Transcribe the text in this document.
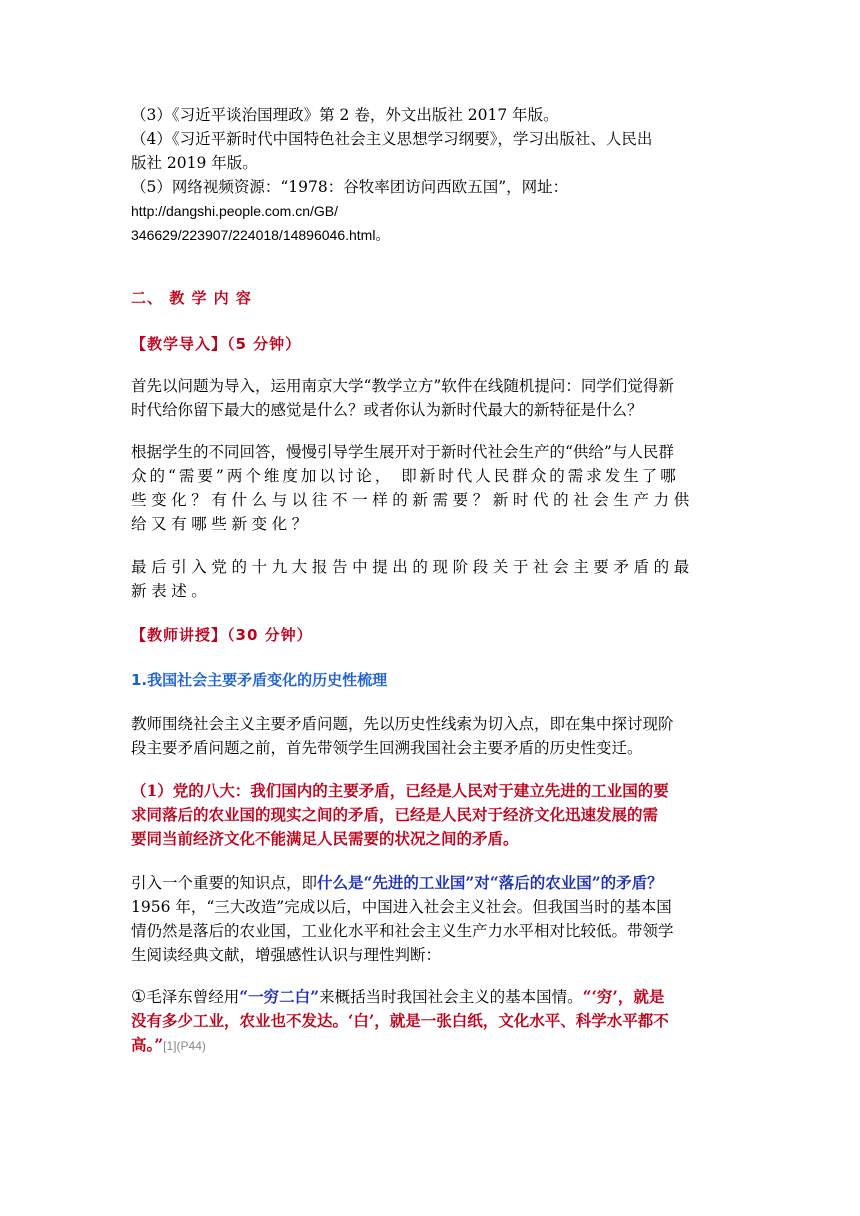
（3）《习近平谈治国理政》第 2 卷，外文出版社 2017 年版。

（4）《习近平新时代中国特色社会主义思想学习纲要》，学习出版社、人民出

版社 2019 年版。

（5）网络视频资源：“1978：谷牧率团访问西欧五国”，网址：

http://dangshi.people.com.cn/GB/

346629/223907/224018/14896046.html。

二、 教 学 内 容

【教学导入】（5 分钟）

首先以问题为导入，运用南京大学“教学立方”软件在线随机提问：同学们觉得新

时代给你留下最大的感觉是什么？或者你认为新时代最大的新特征是什么？

根据学生的不同回答，慢慢引导学生展开对于新时代社会生产的“供给”与人民群

众的“需要”两个维度加以讨论， 即新时代人民群众的需求发生了哪

些变化？有什么与以往不一样的新需要？新时代的社会生产力供

给又有哪些新变化？

最后引入党的十九大报告中提出的现阶段关于社会主要矛盾的最

新表述。

【教师讲授】（30 分钟）

1.我国社会主要矛盾变化的历史性梳理

教师围绕社会主义主要矛盾问题，先以历史性线索为切入点，即在集中探讨现阶

段主要矛盾问题之前，首先带领学生回溯我国社会主要矛盾的历史性变迁。

（1）党的八大：我们国内的主要矛盾，已经是人民对于建立先进的工业国的要

求同落后的农业国的现实之间的矛盾，已经是人民对于经济文化迅速发展的需

要同当前经济文化不能满足人民需要的状况之间的矛盾。

引入一个重要的知识点，即什么是“先进的工业国”对“落后的农业国”的矛盾？

1956 年，“三大改造”完成以后，中国进入社会主义社会。但我国当时的基本国

情仍然是落后的农业国，工业化水平和社会主义生产力水平相对比较低。带领学

生阅读经典文献，增强感性认识与理性判断：

①毛泽东曾经用“一穷二白”来概括当时我国社会主义的基本国情。“‘穷’，就是

没有多少工业，农业也不发达。‘白’，就是一张白纸，文化水平、科学水平都不

高。”[1](P44)
